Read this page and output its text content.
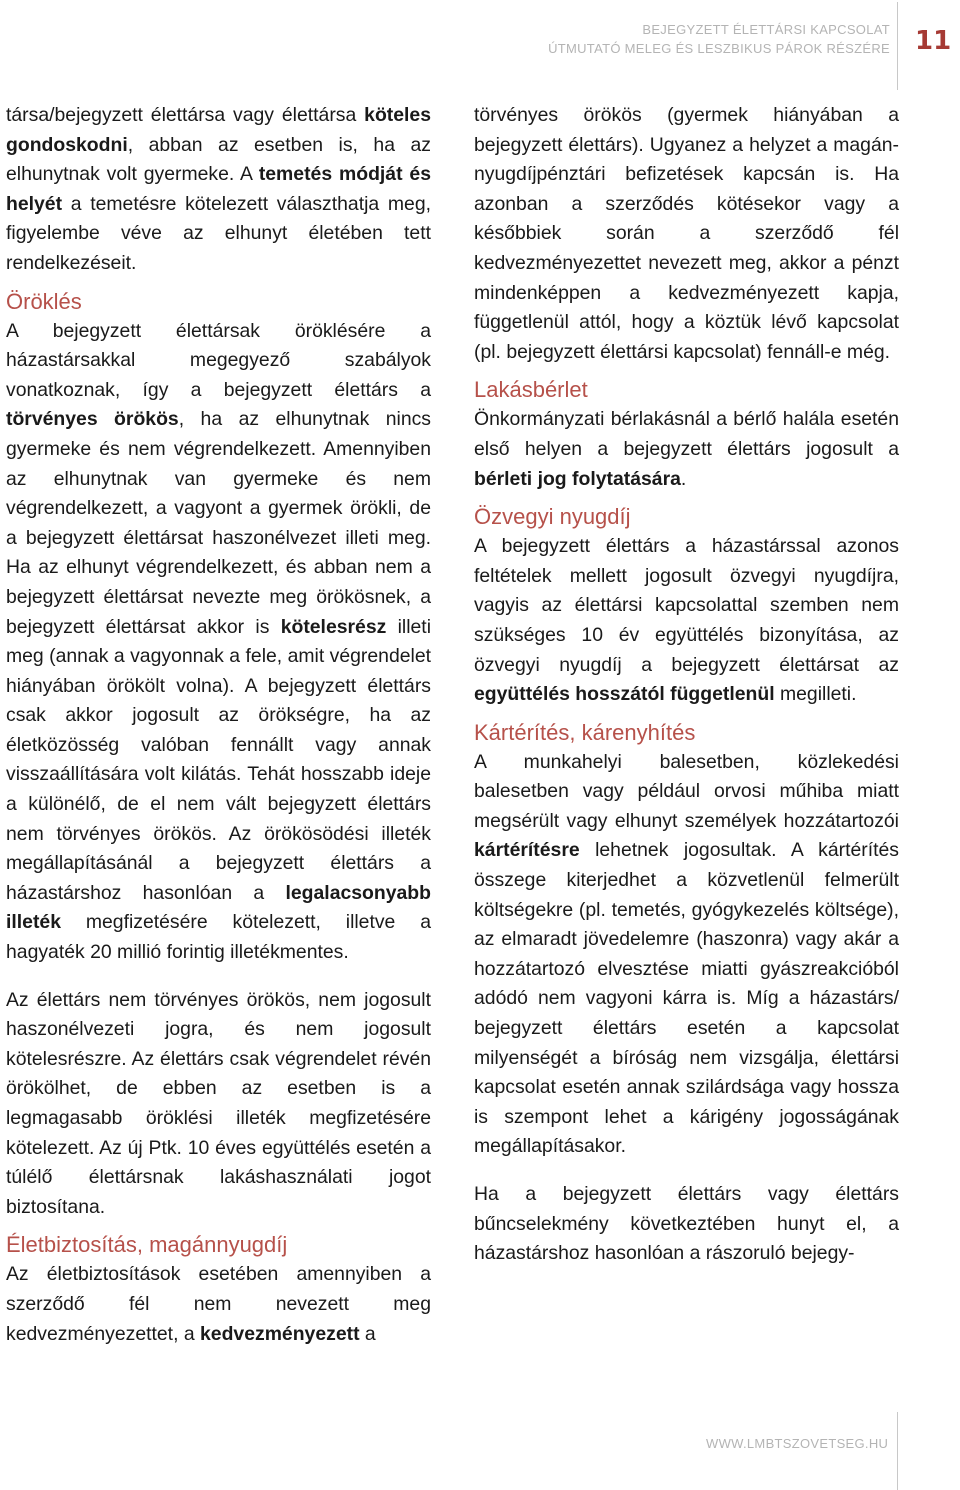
BEJEGYZETT ÉLETTÁRSI KAPCSOLAT
ÚTMUTATÓ MELEG ÉS LESZBIKUS PÁROK RÉSZÉRE 11

társa/bejegyzett élettársa vagy élettársa köteles gondoskodni, abban az esetben is, ha az elhunytnak volt gyermeke. A temetés módját és helyét a temetésre kötelezett választhatja meg, figyelembe véve az elhunyt életében tett rendelkezéseit.

Öröklés

A bejegyzett élettársak öröklésére a házastársakkal megegyező szabályok vonatkoznak, így a bejegyzett élettárs a törvényes örökös, ha az elhunytnak nincs gyermeke és nem végrendelkezett. Amennyiben az elhunytnak van gyermeke és nem végrendelkezett, a vagyont a gyermek örökli, de a bejegyzett élettársat haszonélvezet illeti meg. Ha az elhunyt végrendelkezett, és abban nem a bejegyzett élettársat nevezte meg örökösnek, a bejegyzett élettársat akkor is kötelesrész illeti meg (annak a vagyonnak a fele, amit végrendelet hiányában örökölt volna). A bejegyzett élettárs csak akkor jogosult az örökségre, ha az életközösség valóban fennállt vagy annak visszaállítására volt kilátás. Tehát hosszabb ideje a különélő, de el nem vált bejegyzett élettárs nem törvényes örökös. Az örökösödési illeték megállapításánál a bejegyzett élettárs a házastárshoz hasonlóan a legalacsonyabb illeték megfizetésére kötelezett, illetve a hagyaték 20 millió forintig illetékmentes.

Az élettárs nem törvényes örökös, nem jogosult haszonélvezeti jogra, és nem jogosult kötelesrészre. Az élettárs csak végrendelet révén örökölhet, de ebben az esetben is a legmagasabb öröklési illeték megfizetésére kötelezett. Az új Ptk. 10 éves együttélés esetén a túlélő élettársnak lakáshasználati jogot biztosítana.

Életbiztosítás, magánnyugdíj

Az életbiztosítások esetében amennyiben a szerződő fél nem nevezett meg kedvezményezettet, a kedvezményezett a

törvényes örökös (gyermek hiányában a bejegyzett élettárs). Ugyanez a helyzet a magán-nyugdíjpénztári befizetések kapcsán is. Ha azonban a szerződés kötésekor vagy a későbbiek során a szerződő fél kedvezményezettet nevezett meg, akkor a pénzt mindenképpen a kedvezményezett kapja, függetlenül attól, hogy a köztük lévő kapcsolat (pl. bejegyzett élettársi kapcsolat) fennáll-e még.

Lakásbérlet

Önkormányzati bérlakásnál a bérlő halála esetén első helyen a bejegyzett élettárs jogosult a bérleti jog folytatására.

Özvegyi nyugdíj

A bejegyzett élettárs a házastárssal azonos feltételek mellett jogosult özvegyi nyugdíjra, vagyis az élettársi kapcsolattal szemben nem szükséges 10 év együttélés bizonyítása, az özvegyi nyugdíj a bejegyzett élettársat az együttélés hosszától függetlenül megilleti.

Kártérítés, kárenyhítés

A munkahelyi balesetben, közlekedési balesetben vagy például orvosi műhiba miatt megsérült vagy elhunyt személyek hozzátartozói kártérítésre lehetnek jogosultak. A kártérítés összege kiterjedhet a közvetlenül felmerült költségekre (pl. temetés, gyógykezelés költsége), az elmaradt jövedelemre (haszonra) vagy akár a hozzátartozó elvesztése miatti gyászreakcióból adódó nem vagyoni kárra is. Míg a házastárs/ bejegyzett élettárs esetén a kapcsolat milyenségét a bíróság nem vizsgálja, élettársi kapcsolat esetén annak szilárdsága vagy hossza is szempont lehet a kárigény jogosságának megállapításakor.

Ha a bejegyzett élettárs vagy élettárs bűncselekmény következtében hunyt el, a házastárshoz hasonlóan a rászoruló bejegy-

WWW.LMBTSZOVETSEG.HU
